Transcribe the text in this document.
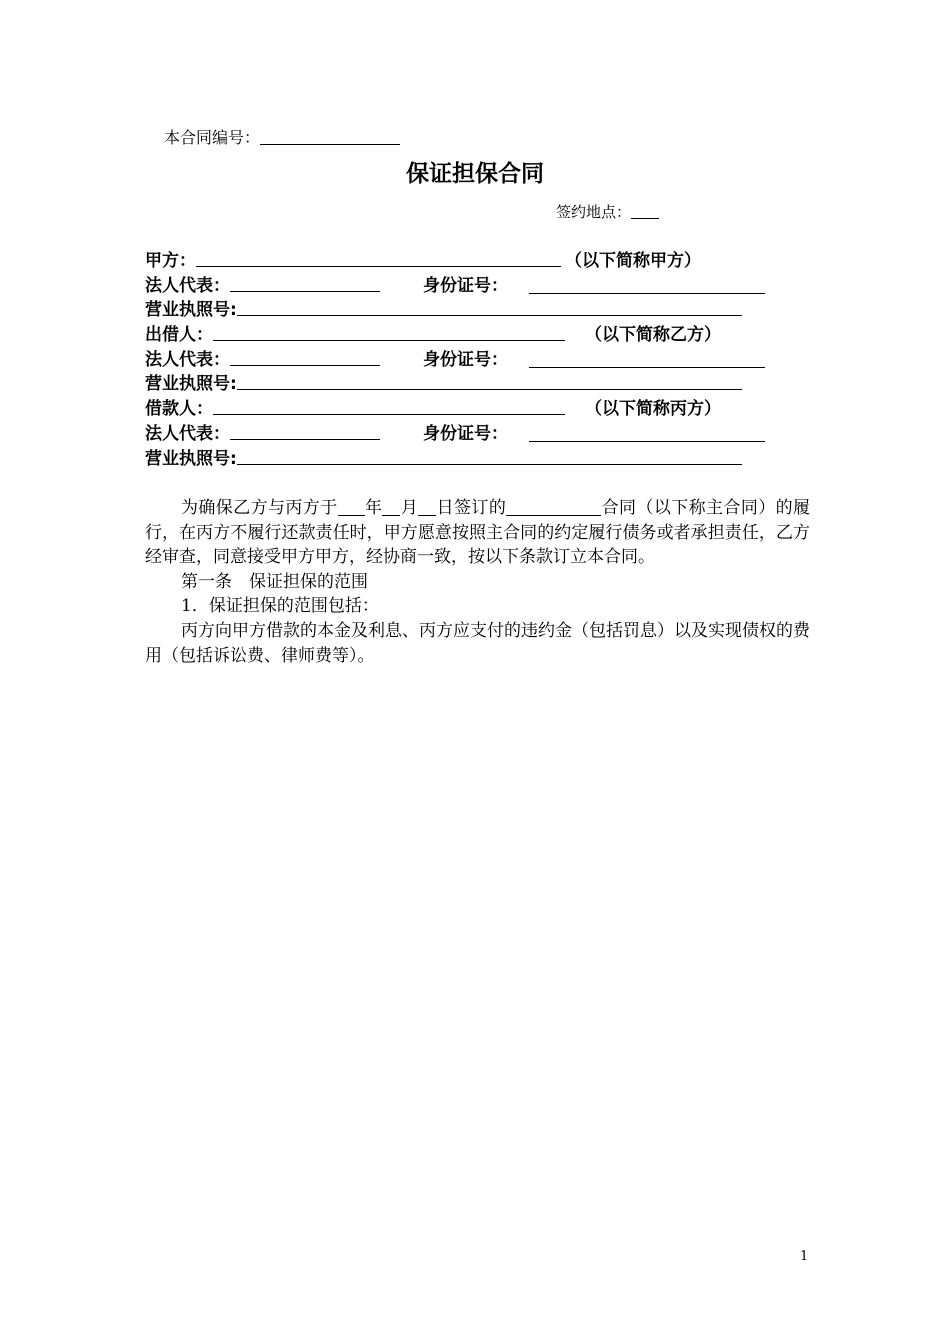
本合同编号：
保证担保合同
签约地点：
甲方：	（以下简称甲方）
法人代表：	身份证号：
营业执照号:
出借人：	（以下简称乙方）
法人代表：	身份证号：
营业执照号:
借款人：	（以下简称丙方）
法人代表：	身份证号：
营业执照号:

为确保乙方与丙方于 年 月 日签订的	合同（以下称主合同）的履行，在丙方不履行还款责任时，甲方愿意按照主合同的约定履行债务或者承担责任，乙方经审查，同意接受甲方甲方，经协商一致，按以下条款订立本合同。

第一条　保证担保的范围

1．保证担保的范围包括：

丙方向甲方借款的本金及利息、丙方应支付的违约金（包括罚息）以及实现债权的费用（包括诉讼费、律师费等）。

1
